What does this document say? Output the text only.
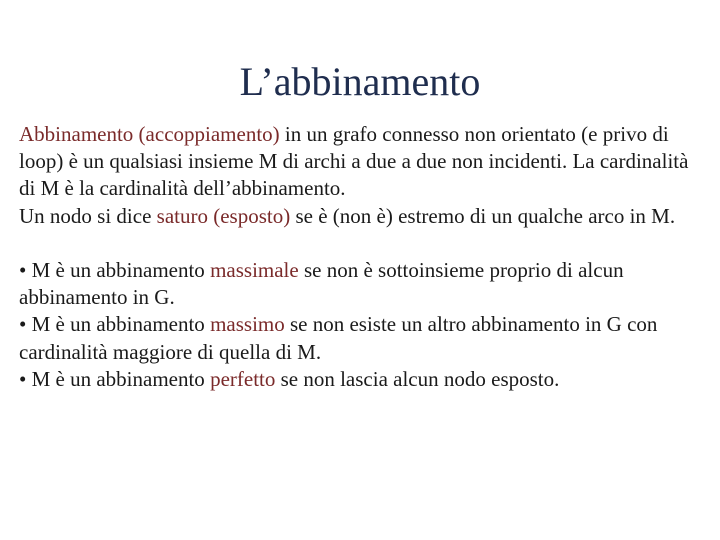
L’abbinamento

Abbinamento (accoppiamento) in un grafo connesso non orientato (e privo di loop) è un qualsiasi insieme M di archi a due a due non incidenti. La cardinalità di M è la cardinalità dell’abbinamento.

Un nodo si dice saturo (esposto) se è (non è) estremo di un qualche arco in M.

• M è un abbinamento massimale se non è sottoinsieme proprio di alcun abbinamento in G.

• M è un abbinamento massimo se non esiste un altro abbinamento in G con cardinalità maggiore di quella di M.

• M è un abbinamento perfetto se non lascia alcun nodo esposto.
